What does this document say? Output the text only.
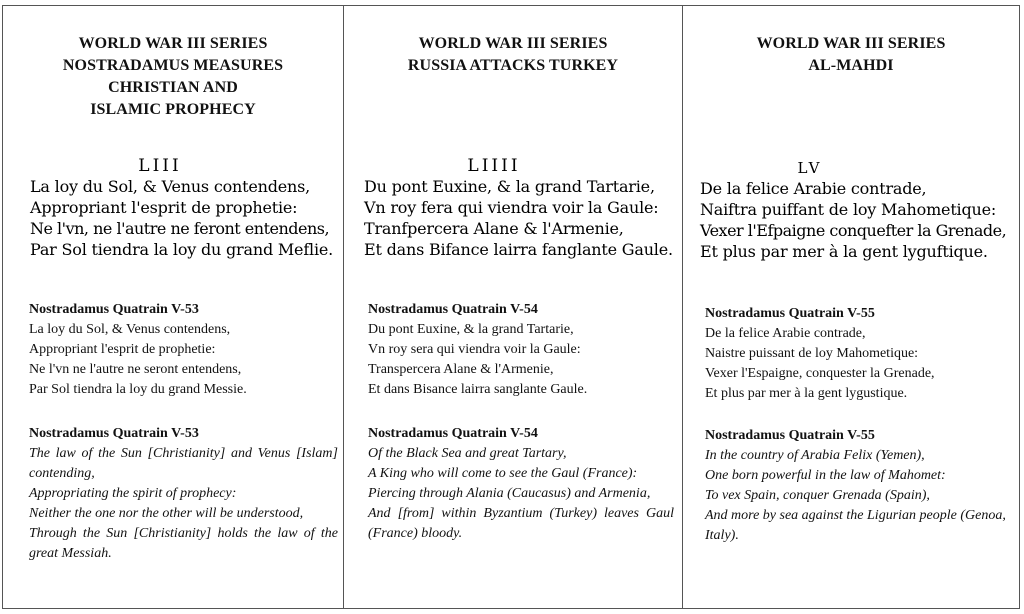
WORLD WAR III SERIES
NOSTRADAMUS MEASURES
CHRISTIAN AND
ISLAMIC PROPHECY
LIII
La loy du Sol, & Venus contendens,
Appropriant l'esprit de prophetie:
Ne l'vn, ne l'autre ne feront entendens,
Par Sol tiendra la loy du grand Meflie.
Nostradamus Quatrain V-53
La loy du Sol, & Venus contendens,
Appropriant l'esprit de prophetie:
Ne l'vn ne l'autre ne seront entendens,
Par Sol tiendra la loy du grand Messie.
Nostradamus Quatrain V-53
The law of the Sun [Christianity] and Venus [Islam] contending,
Appropriating the spirit of prophecy:
Neither the one nor the other will be understood,
Through the Sun [Christianity] holds the law of the great Messiah.
WORLD WAR III SERIES
RUSSIA ATTACKS TURKEY
LIIII
Du pont Euxine, & la grand Tartarie,
Vn roy fera qui viendra voir la Gaule:
Tranfpercera Alane & l'Armenie,
Et dans Bifance lairra fanglante Gaule.
Nostradamus Quatrain V-54
Du pont Euxine, & la grand Tartarie,
Vn roy sera qui viendra voir la Gaule:
Transpercera Alane & l'Armenie,
Et dans Bisance lairra sanglante Gaule.
Nostradamus Quatrain V-54
Of the Black Sea and great Tartary,
A King who will come to see the Gaul (France):
Piercing through Alania (Caucasus) and Armenia,
And [from] within Byzantium (Turkey) leaves Gaul (France) bloody.
WORLD WAR III SERIES
AL-MAHDI
LV
De la felice Arabie contrade,
Naiftra puiffant de loy Mahometique:
Vexer l'Efpaigne conquefter la Grenade,
Et plus par mer à la gent lyguftique.
Nostradamus Quatrain V-55
De la felice Arabie contrade,
Naistre puissant de loy Mahometique:
Vexer l'Espaigne, conquester la Grenade,
Et plus par mer à la gent lygustique.
Nostradamus Quatrain V-55
In the country of Arabia Felix (Yemen),
One born powerful in the law of Mahomet:
To vex Spain, conquer Grenada (Spain),
And more by sea against the Ligurian people (Genoa, Italy).
